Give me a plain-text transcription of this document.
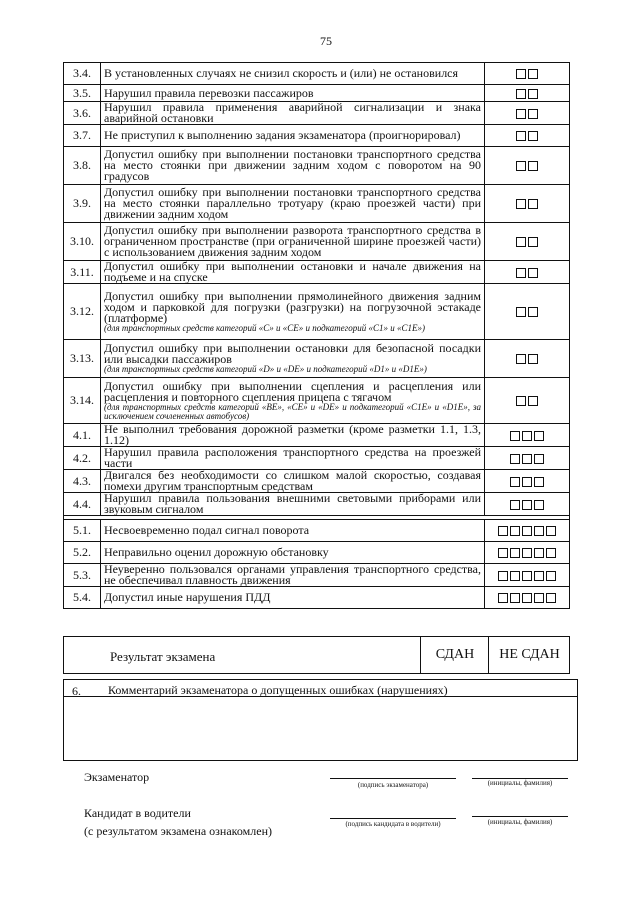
75
3.4.	В установленных случаях не снизил скорость и (или) не остановился	
3.5.	Нарушил правила перевозки пассажиров	
3.6.	Нарушил правила применения аварийной сигнализации и знака аварийной остановки	
3.7.	Не приступил к выполнению задания экзаменатора (проигнорировал)	
3.8.	Допустил ошибку при выполнении постановки транспортного средства на место стоянки при движении задним ходом с поворотом на 90 градусов	
3.9.	Допустил ошибку при выполнении постановки транспортного средства на место стоянки параллельно тротуару (краю проезжей части) при движении задним ходом	
3.10.	Допустил ошибку при выполнении разворота транспортного средства в ограниченном пространстве (при ограниченной ширине проезжей части) с использованием движения задним ходом	
3.11.	Допустил ошибку при выполнении остановки и начале движения на подъеме и на спуске	
3.12.	Допустил ошибку при выполнении прямолинейного движения задним ходом и парковкой для погрузки (разгрузки) на погрузочной эстакаде (платформе)
(для транспортных средств категорий «C» и «CE» и подкатегорий «C1» и «C1E»)	

3.13.	Допустил ошибку при выполнении остановки для безопасной посадки или высадки пассажиров
(для транспортных средств категорий «D» и «DE» и подкатегорий «D1» и «D1E»)	

3.14.	Допустил ошибку при выполнении сцепления и расцепления или расцепления и повторного сцепления прицепа с тягачом
(для транспортных средств категорий «BE», «CE» и «DE» и подкатегорий «C1E» и «D1E», за исключением сочлененных автобусов)	

4.1.	Не выполнил требования дорожной разметки (кроме разметки 1.1, 1.3, 1.12)	
4.2.	Нарушил правила расположения транспортного средства на проезжей части	
4.3.	Двигался без необходимости со слишком малой скоростью, создавая помехи другим транспортным средствам	
4.4.	Нарушил правила пользования внешними световыми приборами или звуковым сигналом	

5.1.	Несвоевременно подал сигнал поворота	
5.2.	Неправильно оценил дорожную обстановку	
5.3.	Неуверенно пользовался органами управления транспортного средства, не обеспечивал плавность движения	
5.4.	Допустил иные нарушения ПДД	
Результат экзамена	СДАН	НЕ СДАН
6. Комментарий экзаменатора о допущенных ошибках (нарушениях)
Экзаменатор
(подпись экзаменатора)	(инициалы, фамилия)
Кандидат в водители
(с результатом экзамена ознакомлен)	(подпись кандидата в водители)	(инициалы, фамилия)
